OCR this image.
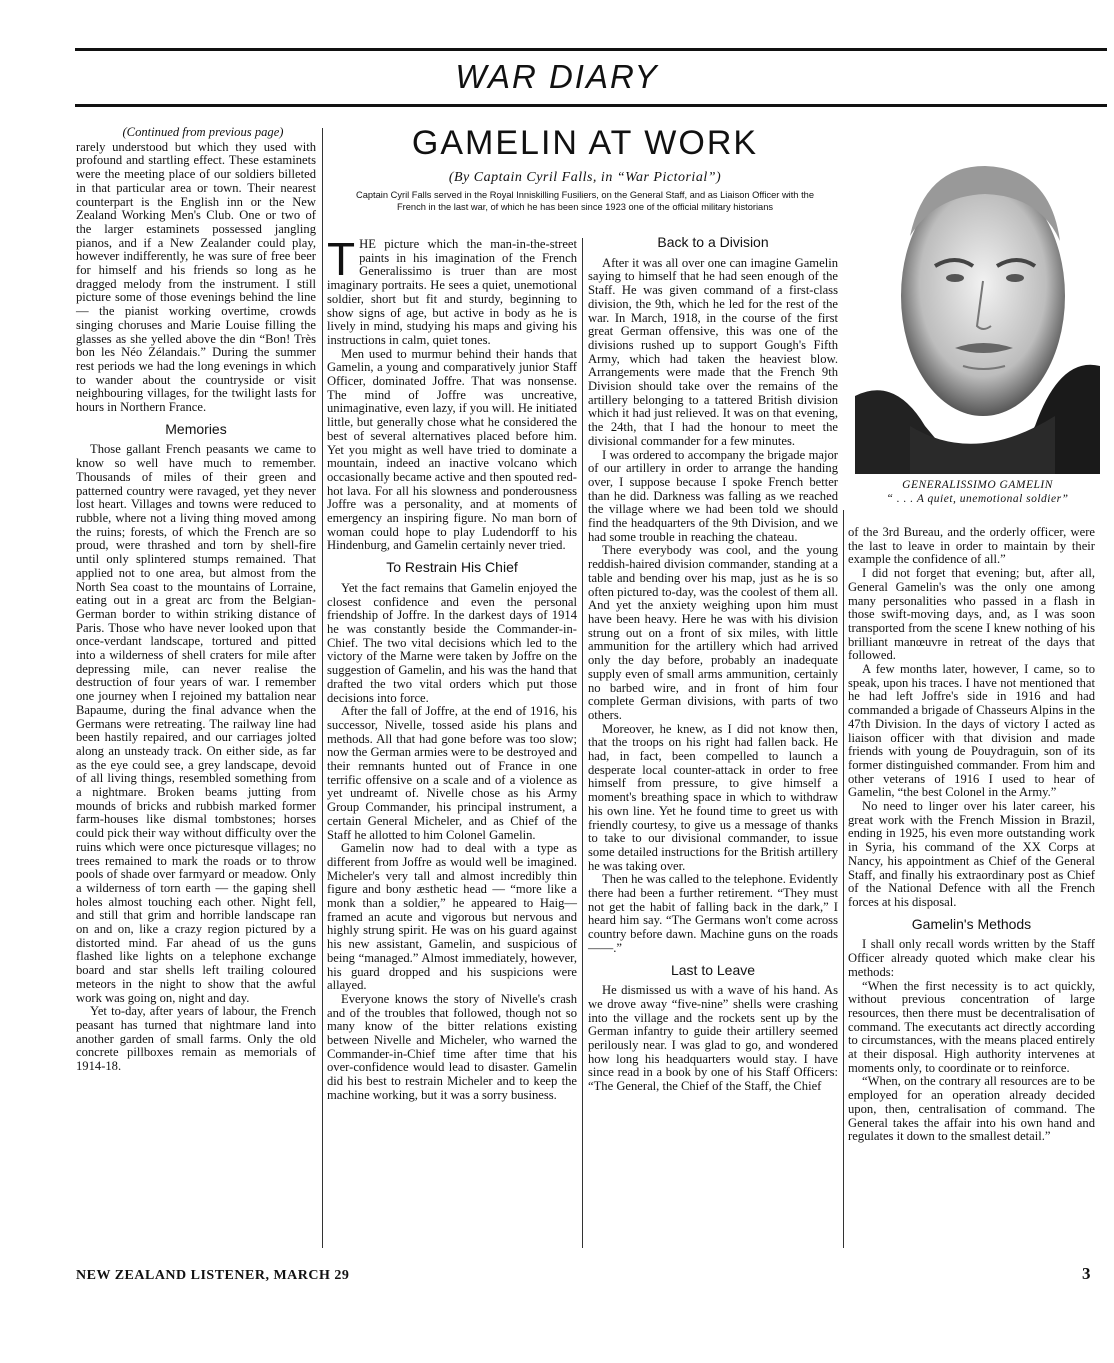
WAR DIARY

(Continued from previous page)

rarely understood but which they used with profound and startling effect. These estaminets were the meeting place of our soldiers billeted in that particular area or town. Their nearest counterpart is the English inn or the New Zealand Working Men's Club. One or two of the larger estaminets possessed jangling pianos, and if a New Zealander could play, however indifferently, he was sure of free beer for himself and his friends so long as he dragged melody from the instrument. I still picture some of those evenings behind the line — the pianist working overtime, crowds singing choruses and Marie Louise filling the glasses as she yelled above the din “Bon! Très bon les Néo Zélandais.” During the summer rest periods we had the long evenings in which to wander about the countryside or visit neighbouring villages, for the twilight lasts for hours in Northern France.

Memories

Those gallant French peasants we came to know so well have much to remember. Thousands of miles of their green and patterned country were ravaged, yet they never lost heart. Villages and towns were reduced to rubble, where not a living thing moved among the ruins; forests, of which the French are so proud, were thrashed and torn by shell-fire until only splintered stumps remained. That applied not to one area, but almost from the North Sea coast to the mountains of Lorraine, eating out in a great arc from the Belgian-German border to within striking distance of Paris. Those who have never looked upon that once-verdant landscape, tortured and pitted into a wilderness of shell craters for mile after depressing mile, can never realise the destruction of four years of war. I remember one journey when I rejoined my battalion near Bapaume, during the final advance when the Germans were retreating. The railway line had been hastily repaired, and our carriages jolted along an unsteady track. On either side, as far as the eye could see, a grey landscape, devoid of all living things, resembled something from a nightmare. Broken beams jutting from mounds of bricks and rubbish marked former farm-houses like dismal tombstones; horses could pick their way without difficulty over the ruins which were once picturesque villages; no trees remained to mark the roads or to throw pools of shade over farmyard or meadow. Only a wilderness of torn earth — the gaping shell holes almost touching each other. Night fell, and still that grim and horrible landscape ran on and on, like a crazy region pictured by a distorted mind. Far ahead of us the guns flashed like lights on a telephone exchange board and star shells left trailing coloured meteors in the night to show that the awful work was going on, night and day.

Yet to-day, after years of labour, the French peasant has turned that nightmare land into another garden of small farms. Only the old concrete pillboxes remain as memorials of 1914-18.

GAMELIN AT WORK
(By Captain Cyril Falls, in “War Pictorial”)
Captain Cyril Falls served in the Royal Inniskilling Fusiliers, on the General Staff, and as Liaison Officer with the French in the last war, of which he has been since 1923 one of the official military historians

THE picture which the man-in-the-street paints in his imagination of the French Generalissimo is truer than are most imaginary portraits. He sees a quiet, unemotional soldier, short but fit and sturdy, beginning to show signs of age, but active in body as he is lively in mind, studying his maps and giving his instructions in calm, quiet tones.

Men used to murmur behind their hands that Gamelin, a young and comparatively junior Staff Officer, dominated Joffre. That was nonsense. The mind of Joffre was uncreative, unimaginative, even lazy, if you will. He initiated little, but generally chose what he considered the best of several alternatives placed before him. Yet you might as well have tried to dominate a mountain, indeed an inactive volcano which occasionally became active and then spouted red-hot lava. For all his slowness and ponderousness Joffre was a personality, and at moments of emergency an inspiring figure. No man born of woman could hope to play Ludendorff to his Hindenburg, and Gamelin certainly never tried.

To Restrain His Chief

Yet the fact remains that Gamelin enjoyed the closest confidence and even the personal friendship of Joffre. In the darkest days of 1914 he was constantly beside the Commander-in-Chief. The two vital decisions which led to the victory of the Marne were taken by Joffre on the suggestion of Gamelin, and his was the hand that drafted the two vital orders which put those decisions into force.

After the fall of Joffre, at the end of 1916, his successor, Nivelle, tossed aside his plans and methods. All that had gone before was too slow; now the German armies were to be destroyed and their remnants hunted out of France in one terrific offensive on a scale and of a violence as yet undreamt of. Nivelle chose as his Army Group Commander, his principal instrument, a certain General Micheler, and as Chief of the Staff he allotted to him Colonel Gamelin.

Gamelin now had to deal with a type as different from Joffre as would well be imagined. Micheler's very tall and almost incredibly thin figure and bony æsthetic head — “more like a monk than a soldier,” he appeared to Haig—framed an acute and vigorous but nervous and highly strung spirit. He was on his guard against his new assistant, Gamelin, and suspicious of being “managed.” Almost immediately, however, his guard dropped and his suspicions were allayed.

Everyone knows the story of Nivelle's crash and of the troubles that followed, though not so many know of the bitter relations existing between Nivelle and Micheler, who warned the Commander-in-Chief time after time that his over-confidence would lead to disaster. Gamelin did his best to restrain Micheler and to keep the machine working, but it was a sorry business.

Back to a Division

After it was all over one can imagine Gamelin saying to himself that he had seen enough of the Staff. He was given command of a first-class division, the 9th, which he led for the rest of the war. In March, 1918, in the course of the first great German offensive, this was one of the divisions rushed up to support Gough's Fifth Army, which had taken the heaviest blow. Arrangements were made that the French 9th Division should take over the remains of the artillery belonging to a tattered British division which it had just relieved. It was on that evening, the 24th, that I had the honour to meet the divisional commander for a few minutes.

I was ordered to accompany the brigade major of our artillery in order to arrange the handing over, I suppose because I spoke French better than he did. Darkness was falling as we reached the village where we had been told we should find the headquarters of the 9th Division, and we had some trouble in reaching the chateau.

There everybody was cool, and the young reddish-haired division commander, standing at a table and bending over his map, just as he is so often pictured to-day, was the coolest of them all. And yet the anxiety weighing upon him must have been heavy. Here he was with his division strung out on a front of six miles, with little ammunition for the artillery which had arrived only the day before, probably an inadequate supply even of small arms ammunition, certainly no barbed wire, and in front of him four complete German divisions, with parts of two others.

Moreover, he knew, as I did not know then, that the troops on his right had fallen back. He had, in fact, been compelled to launch a desperate local counter-attack in order to free himself from pressure, to give himself a moment's breathing space in which to withdraw his own line. Yet he found time to greet us with friendly courtesy, to give us a message of thanks to take to our divisional commander, to issue some detailed instructions for the British artillery he was taking over.

Then he was called to the telephone. Evidently there had been a further retirement. “They must not get the habit of falling back in the dark,” I heard him say. “The Germans won't come across country before dawn. Machine guns on the roads ——.”

Last to Leave

He dismissed us with a wave of his hand. As we drove away “five-nine” shells were crashing into the village and the rockets sent up by the German infantry to guide their artillery seemed perilously near. I was glad to go, and wondered how long his headquarters would stay. I have since read in a book by one of his Staff Officers: “The General, the Chief of the Staff, the Chief

GENERALISSIMO GAMELIN
“ . . . A quiet, unemotional soldier”

of the 3rd Bureau, and the orderly officer, were the last to leave in order to maintain by their example the confidence of all.”

I did not forget that evening; but, after all, General Gamelin's was the only one among many personalities who passed in a flash in those swift-moving days, and, as I was soon transported from the scene I knew nothing of his brilliant manœuvre in retreat of the days that followed.

A few months later, however, I came, so to speak, upon his traces. I have not mentioned that he had left Joffre's side in 1916 and had commanded a brigade of Chasseurs Alpins in the 47th Division. In the days of victory I acted as liaison officer with that division and made friends with young de Pouydraguin, son of its former distinguished commander. From him and other veterans of 1916 I used to hear of Gamelin, “the best Colonel in the Army.”

No need to linger over his later career, his great work with the French Mission in Brazil, ending in 1925, his even more outstanding work in Syria, his command of the XX Corps at Nancy, his appointment as Chief of the General Staff, and finally his extraordinary post as Chief of the National Defence with all the French forces at his disposal.

Gamelin's Methods

I shall only recall words written by the Staff Officer already quoted which make clear his methods:

“When the first necessity is to act quickly, without previous concentration of large resources, then there must be decentralisation of command. The executants act directly according to circumstances, with the means placed entirely at their disposal. High authority intervenes at moments only, to coordinate or to reinforce.

“When, on the contrary all resources are to be employed for an operation already decided upon, then, centralisation of command. The General takes the affair into his own hand and regulates it down to the smallest detail.”

NEW ZEALAND LISTENER, MARCH 29	3
